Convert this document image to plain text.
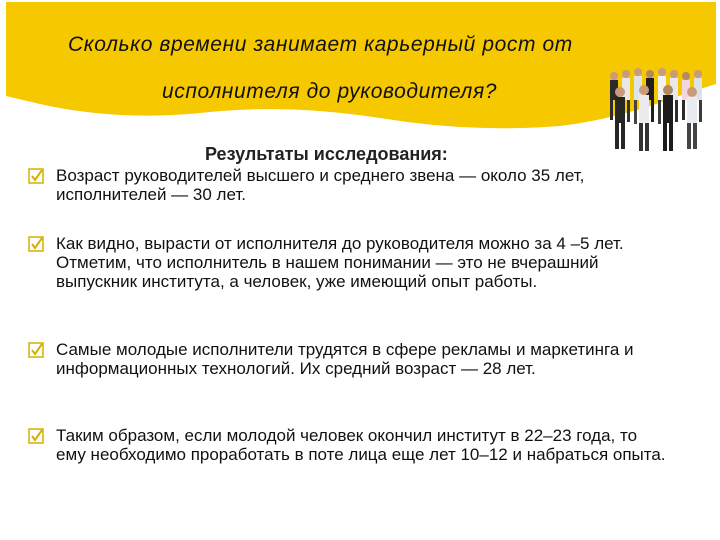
Сколько времени занимает карьерный рост от
исполнителя до руководителя?
Результаты исследования:
Возраст руководителей высшего и среднего звена — около 35 лет, исполнителей — 30 лет.
Как видно, вырасти от исполнителя до руководителя можно за 4 –5 лет. Отметим, что исполнитель в нашем понимании — это не вчерашний выпускник института, а человек, уже имеющий опыт работы.
Самые молодые исполнители трудятся в сфере рекламы и маркетинга и информационных технологий. Их средний возраст — 28 лет.
Таким образом, если молодой человек окончил институт в 22–23 года, то ему необходимо проработать в поте лица еще лет 10–12 и набраться опыта.
